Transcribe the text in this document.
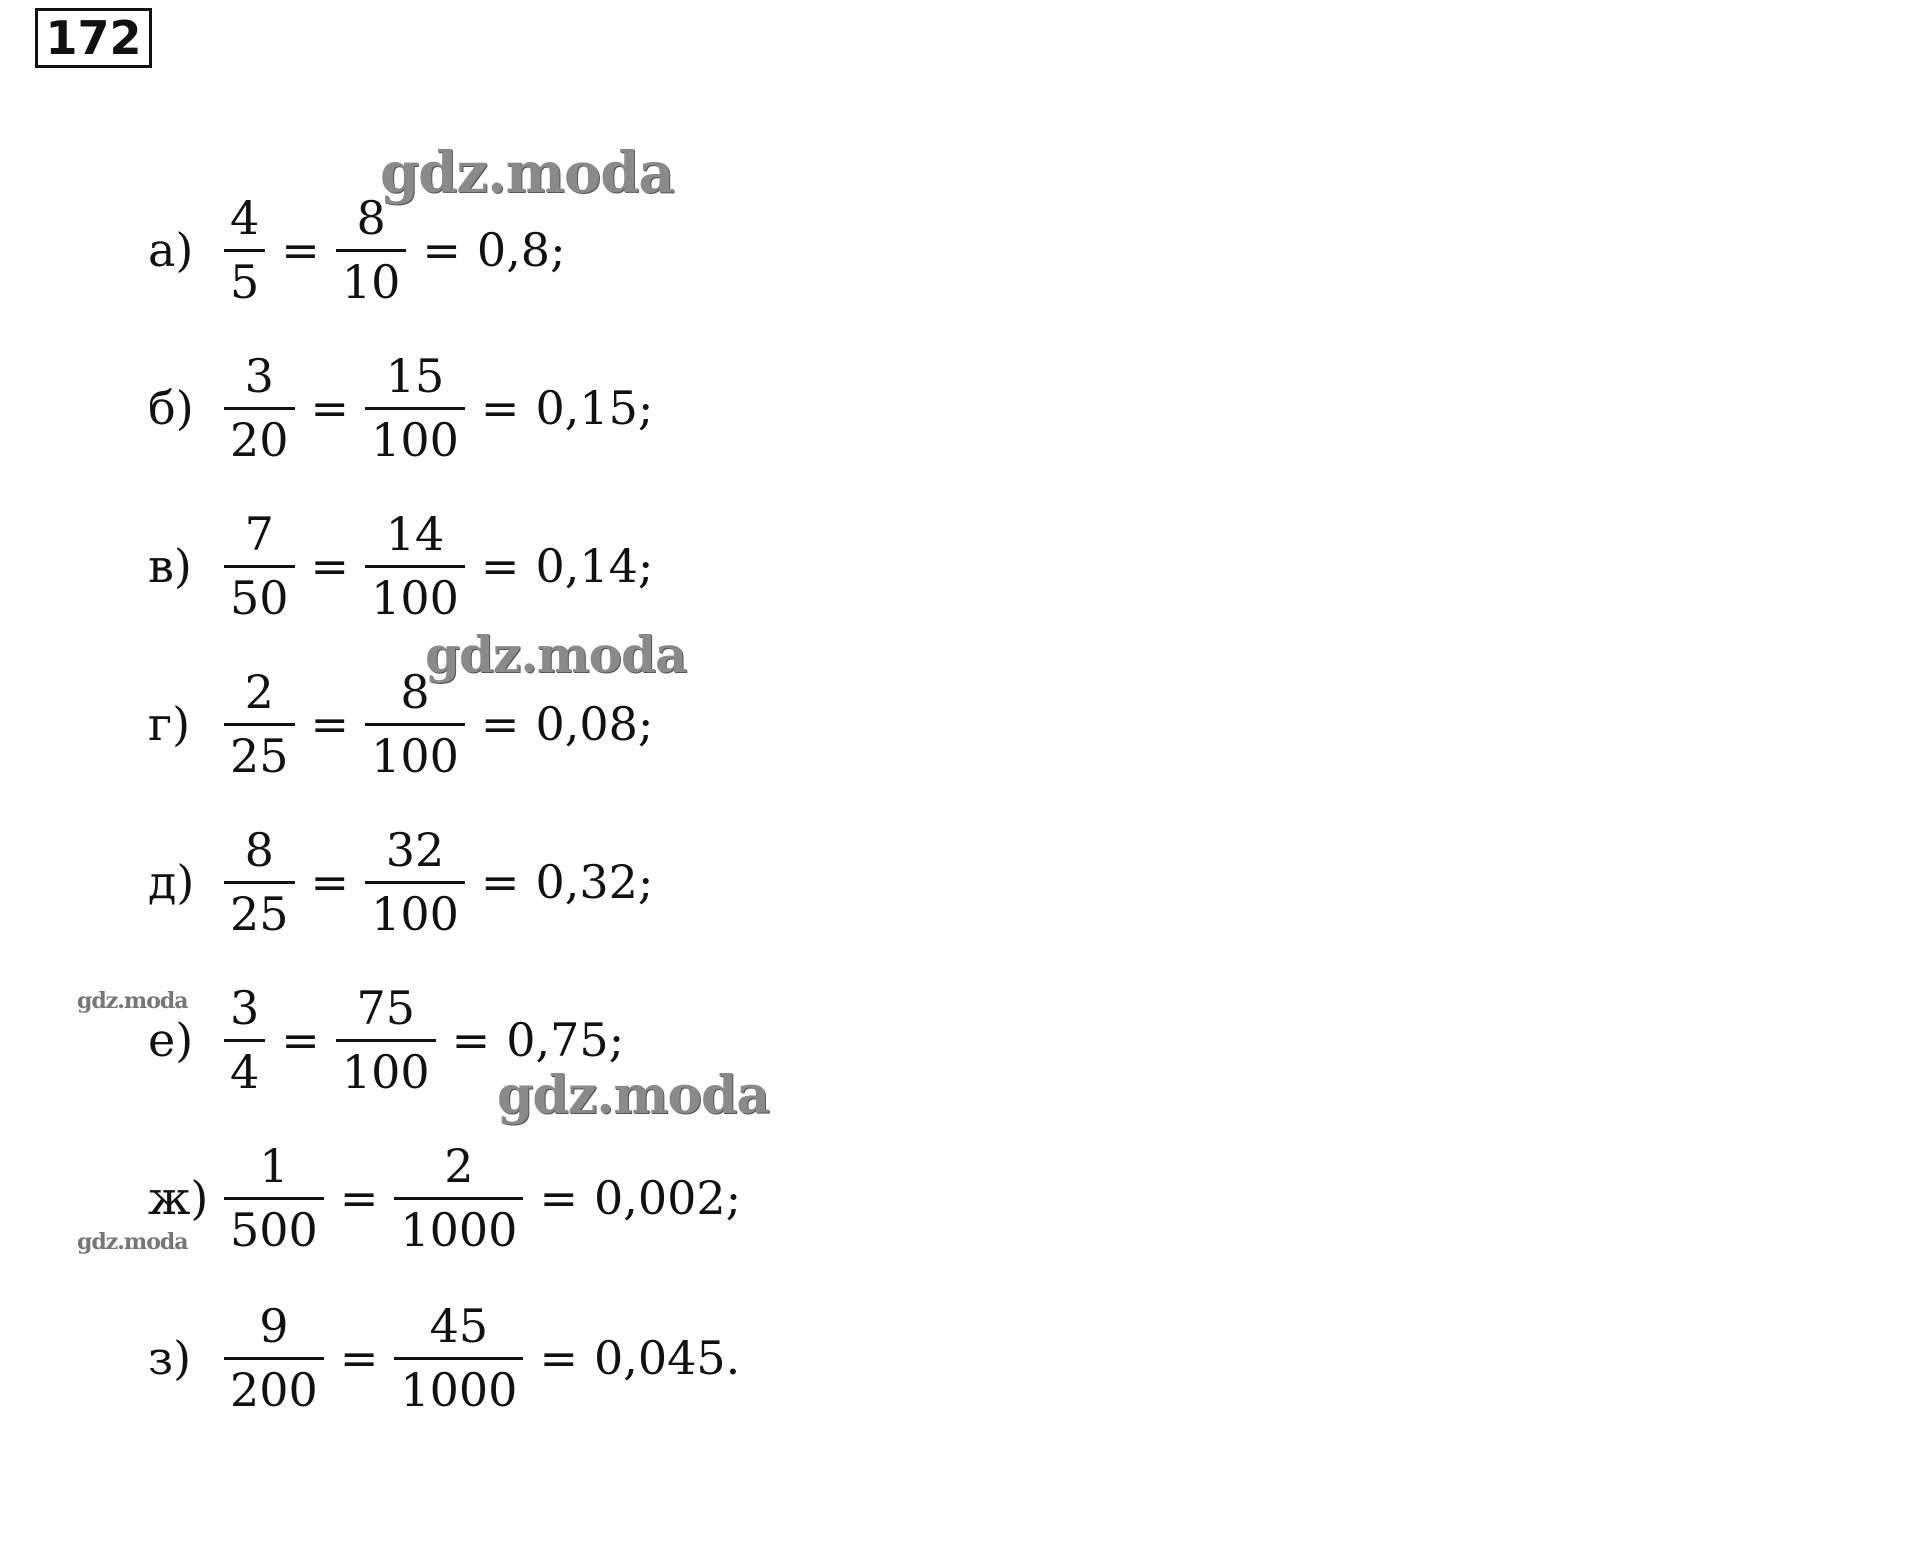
172
$а) \frac{4}{5} = \frac{8}{10} = 0,8$;
$б) \frac{3}{20} = \frac{15}{100} = 0,15$;
$в) \frac{7}{50} = \frac{14}{100} = 0,14$;
$г) \frac{2}{25} = \frac{8}{100} = 0,08$;
$д) \frac{8}{25} = \frac{32}{100} = 0,32$;
$е) \frac{3}{4} = \frac{75}{100} = 0,75$;
$ж) \frac{1}{500} = \frac{2}{1000} = 0,002$;
$з) \frac{9}{200} = \frac{45}{1000} = 0,045$.
gdz.moda
gdz.moda
gdz.moda
gdz.moda
gdz.moda
